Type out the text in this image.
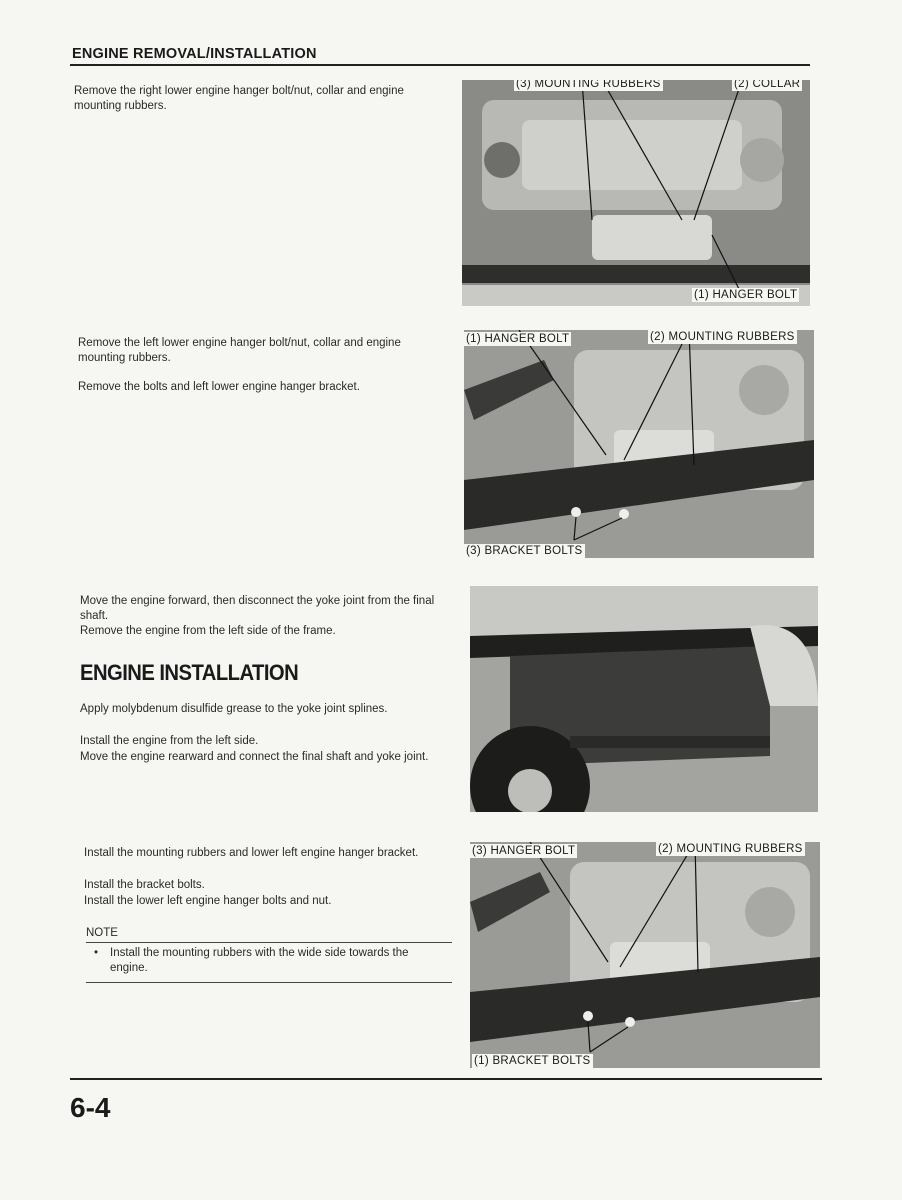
ENGINE REMOVAL/INSTALLATION
Remove the right lower engine hanger bolt/nut, collar and engine mounting rubbers.
Remove the left lower engine hanger bolt/nut, collar and engine mounting rubbers.
Remove the bolts and left lower engine hanger bracket.
Move the engine forward, then disconnect the yoke joint from the final shaft.
Remove the engine from the left side of the frame.
ENGINE INSTALLATION
Apply molybdenum disulfide grease to the yoke joint splines.
Install the engine from the left side.
Move the engine rearward and connect the final shaft and yoke joint.
Install the mounting rubbers and lower left engine hanger bracket.
Install the bracket bolts.
Install the lower left engine hanger bolts and nut.
NOTE
• Install the mounting rubbers with the wide side towards the engine.
(3) MOUNTING RUBBERS	(2) COLLAR
(1) HANGER BOLT
(1) HANGER BOLT	(2) MOUNTING RUBBERS
(3) BRACKET BOLTS
(3) HANGER BOLT	(2) MOUNTING RUBBERS
(1) BRACKET BOLTS
6-4
